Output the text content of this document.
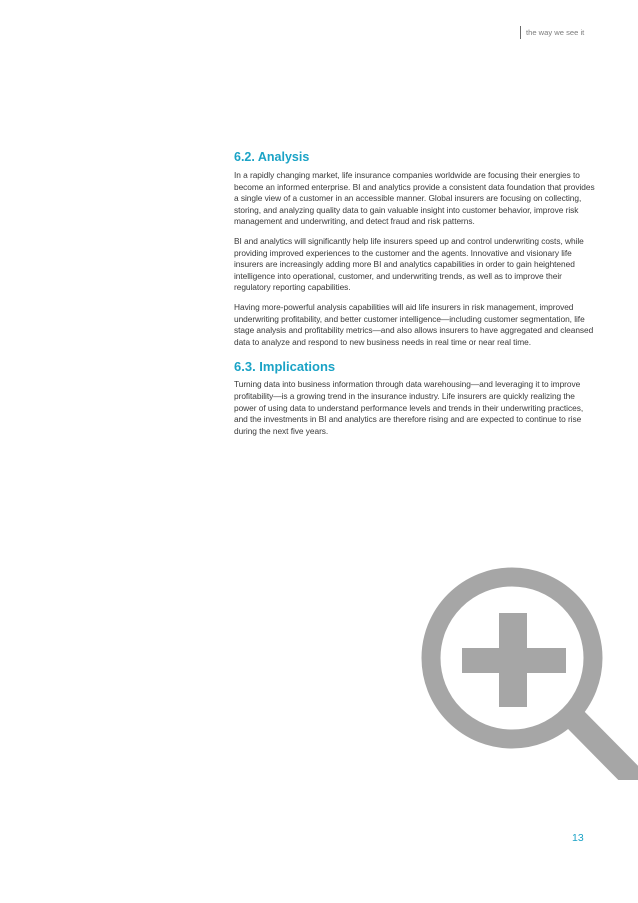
the way we see it
6.2. Analysis

In a rapidly changing market, life insurance companies worldwide are focusing their energies to become an informed enterprise. BI and analytics provide a consistent data foundation that provides a single view of a customer in an accessible manner. Global insurers are focusing on collecting, storing, and analyzing quality data to gain valuable insight into customer behavior, improve risk management and underwriting, and detect fraud and risk patterns.

BI and analytics will significantly help life insurers speed up and control underwriting costs, while providing improved experiences to the customer and the agents. Innovative and visionary life insurers are increasingly adding more BI and analytics capabilities in order to gain heightened intelligence into operational, customer, and underwriting trends, as well as to improve their regulatory reporting capabilities.

Having more-powerful analysis capabilities will aid life insurers in risk management, improved underwriting profitability, and better customer intelligence—including customer segmentation, life stage analysis and profitability metrics—and also allows insurers to have aggregated and cleansed data to analyze and respond to new business needs in real time or near real time.

6.3. Implications

Turning data into business information through data warehousing—and leveraging it to improve profitability—is a growing trend in the insurance industry. Life insurers are quickly realizing the power of using data to understand performance levels and trends in their underwriting practices, and the investments in BI and analytics are therefore rising and are expected to continue to rise during the next five years.

13
